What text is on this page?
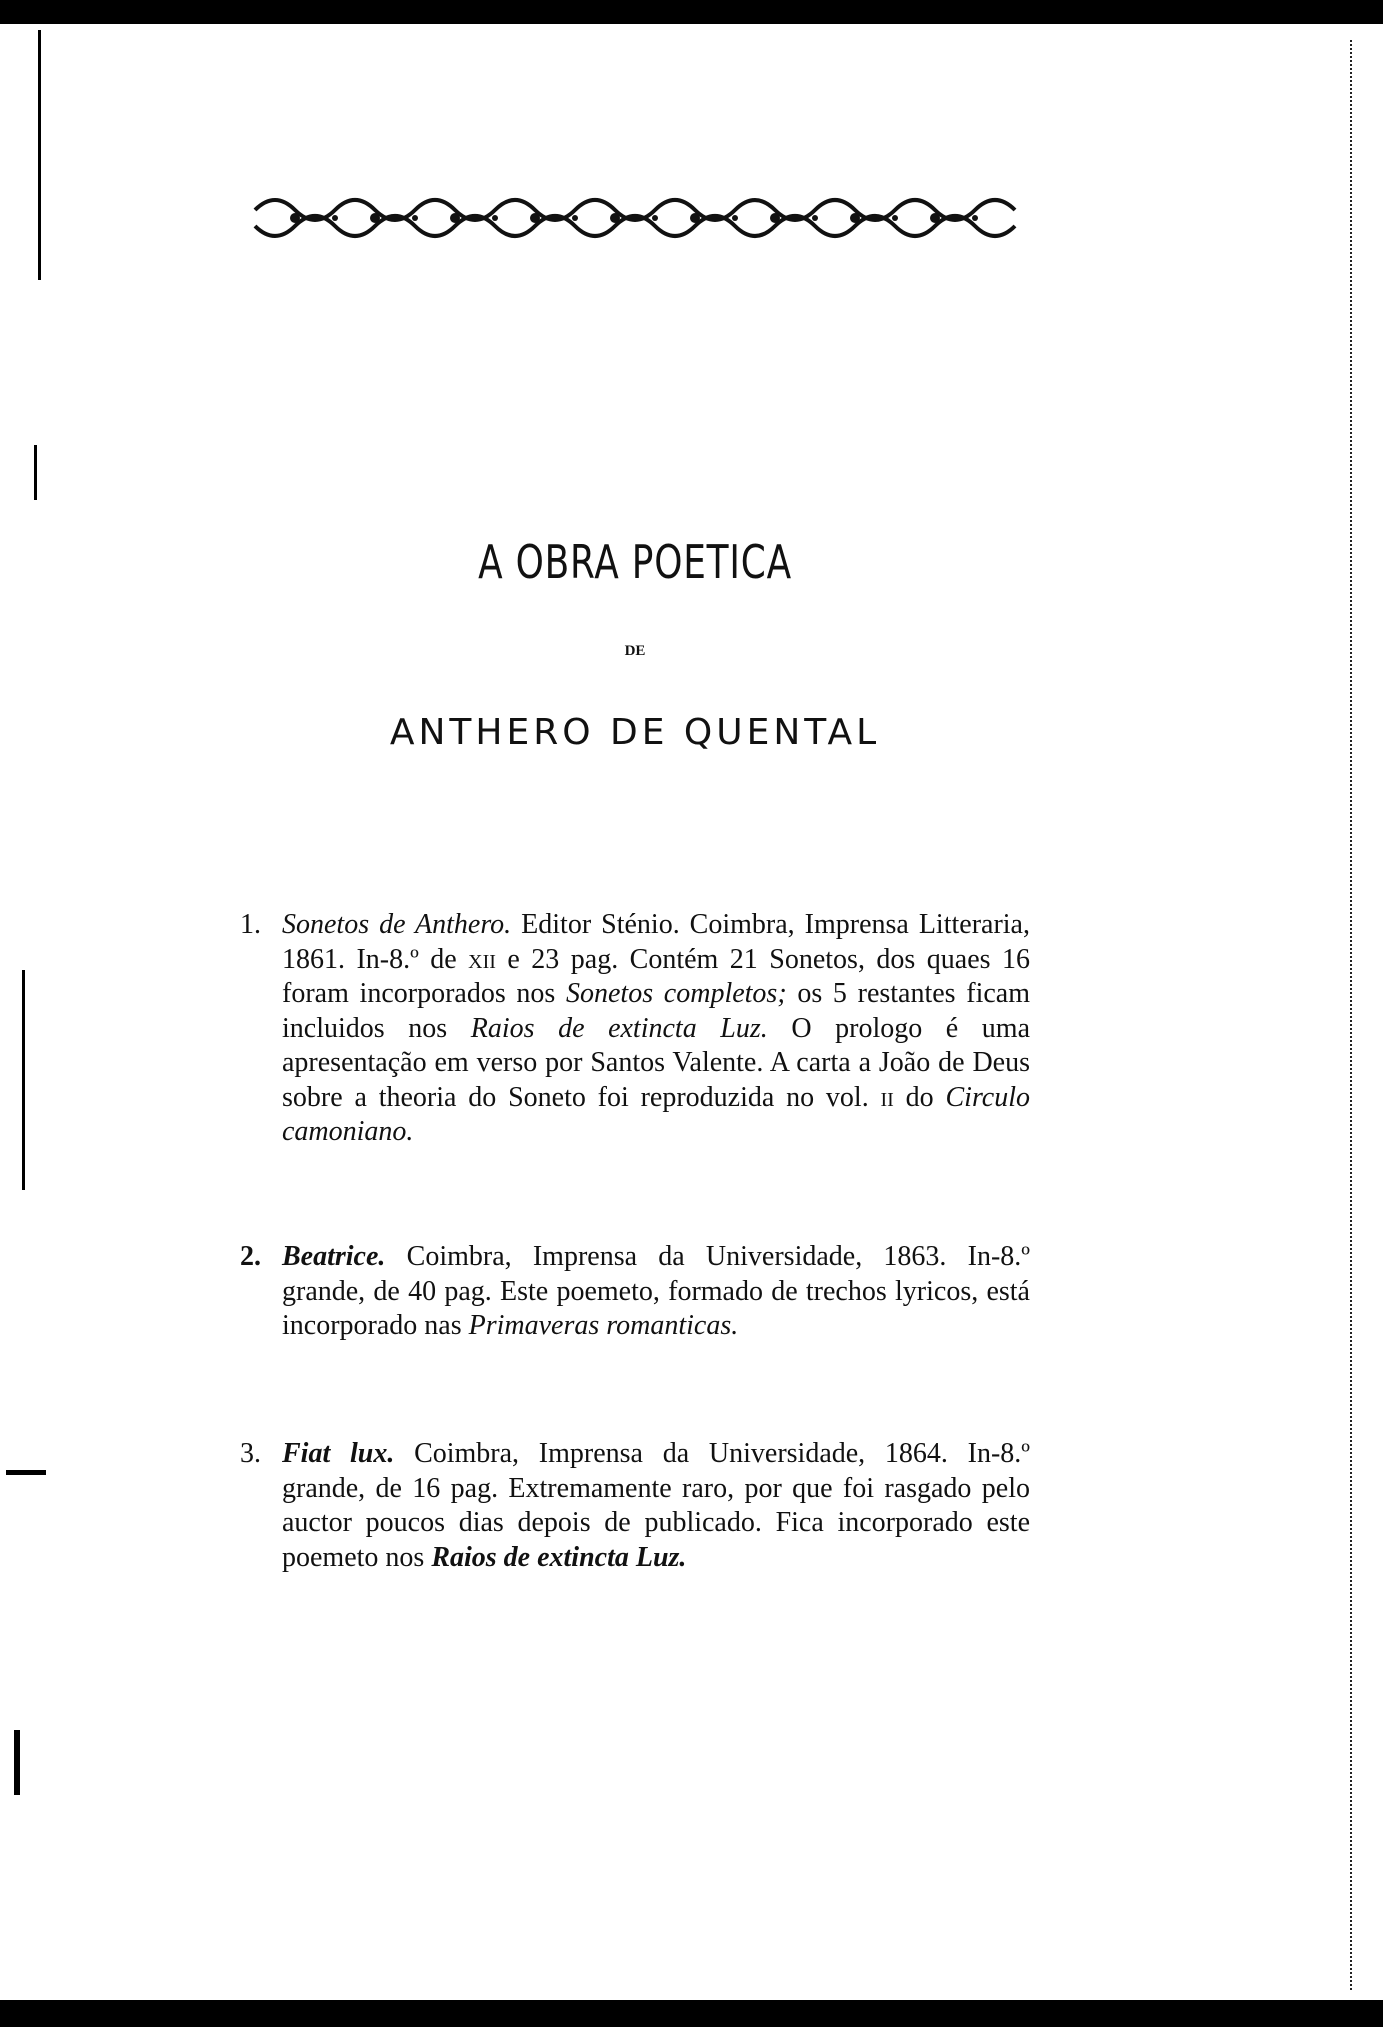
A OBRA POETICA
DE
ANTHERO DE QUENTAL

1. Sonetos de Anthero. Editor Sténio. Coimbra, Imprensa Litteraria, 1861. In-8.º de xii e 23 pag. Contém 21 Sonetos, dos quaes 16 foram incorporados nos Sonetos completos; os 5 restantes ficam incluidos nos Raios de extincta Luz. O prologo é uma apresentação em verso por Santos Valente. A carta a João de Deus sobre a theoria do Soneto foi reproduzida no vol. ii do Circulo camoniano.

2. Beatrice. Coimbra, Imprensa da Universidade, 1863. In-8.º grande, de 40 pag. Este poemeto, formado de trechos lyricos, está incorporado nas Primaveras romanticas.

3. Fiat lux. Coimbra, Imprensa da Universidade, 1864. In-8.º grande, de 16 pag. Extremamente raro, por que foi rasgado pelo auctor poucos dias depois de publicado. Fica incorporado este poemeto nos Raios de extincta Luz.
